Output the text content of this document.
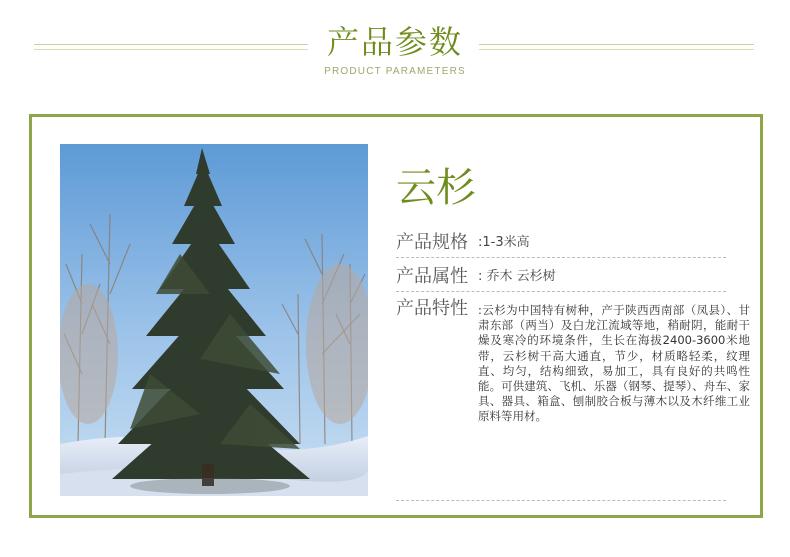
产品参数
PRODUCT PARAMETERS
云杉
产品规格 :1-3米高
产品属性 : 乔木 云杉树
产品特性 :云杉为中国特有树种，产于陕西西南部（凤县）、甘肃东部（两当）及白龙江流域等地，稍耐阴，能耐干燥及寒冷的环境条件，生长在海拔2400-3600米地带，云杉树干高大通直，节少，材质略轻柔，纹理直、均匀，结构细致，易加工，具有良好的共鸣性能。可供建筑、飞机、乐器（钢琴、提琴）、舟车、家具、器具、箱盒、刨制胶合板与薄木以及木纤维工业原料等用材。
